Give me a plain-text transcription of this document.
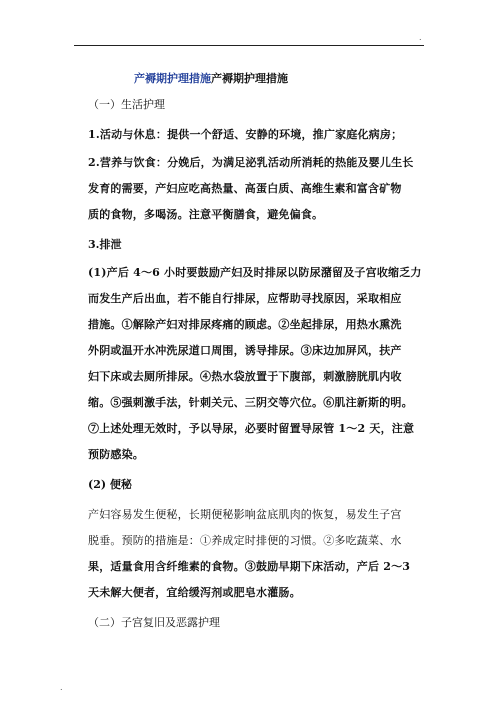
.
产褥期护理措施产褥期护理措施
（一）生活护理
1.活动与休息：提供一个舒适、安静的环境，推广家庭化病房；
2.营养与饮食：分娩后，为满足泌乳活动所消耗的热能及婴儿生长
发育的需要，产妇应吃高热量、高蛋白质、高维生素和富含矿物
质的食物，多喝汤。注意平衡膳食，避免偏食。
3.排泄
(1)产后 4～6 小时要鼓励产妇及时排尿以防尿潴留及子宫收缩乏力
而发生产后出血，若不能自行排尿，应帮助寻找原因，采取相应
措施。①解除产妇对排尿疼痛的顾虑。②坐起排尿，用热水熏洗
外阴或温开水冲洗尿道口周围，诱导排尿。③床边加屏风，扶产
妇下床或去厕所排尿。④热水袋放置于下腹部，刺激膀胱肌内收
缩。⑤强刺激手法，针刺关元、三阴交等穴位。⑥肌注新斯的明。
⑦上述处理无效时，予以导尿，必要时留置导尿管 1～2 天，注意
预防感染。
(2) 便秘
产妇容易发生便秘，长期便秘影响盆底肌肉的恢复，易发生子宫
脱垂。预防的措施是：①养成定时排便的习惯。②多吃蔬菜、水
果，适量食用含纤维素的食物。③鼓励早期下床活动，产后 2～3
天未解大便者，宜给缓泻剂或肥皂水灌肠。
（二）子宫复旧及恶露护理
.
